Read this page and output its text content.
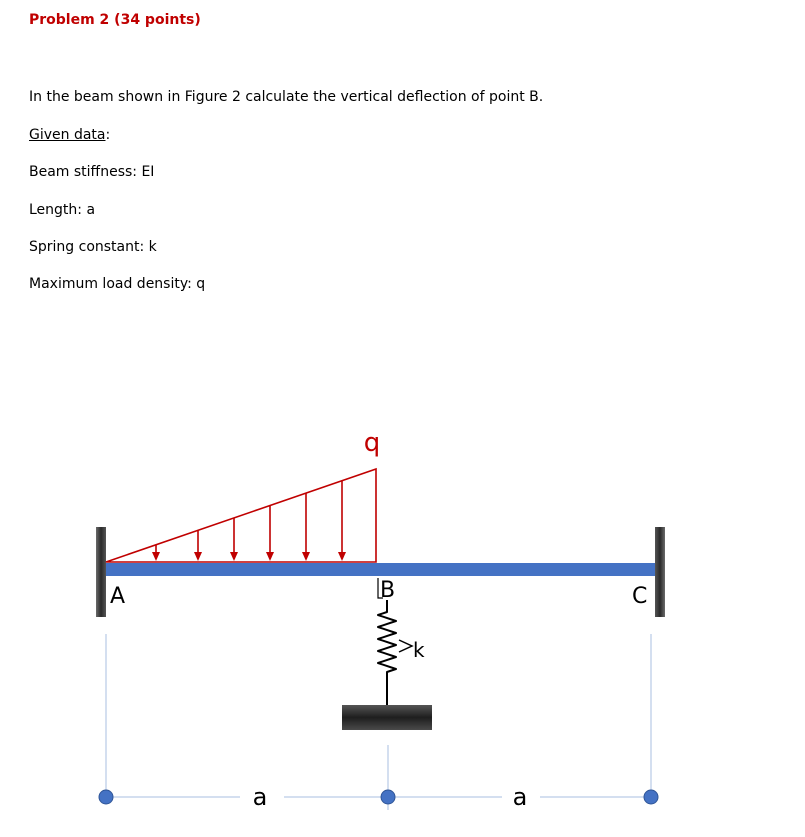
Problem 2 (34 points)
In the beam shown in Figure 2 calculate the vertical deflection of point B.
Given data:
Beam stiffness: EI
Length: a
Spring constant: k
Maximum load density: q
a	a
q
A	B	C
k
